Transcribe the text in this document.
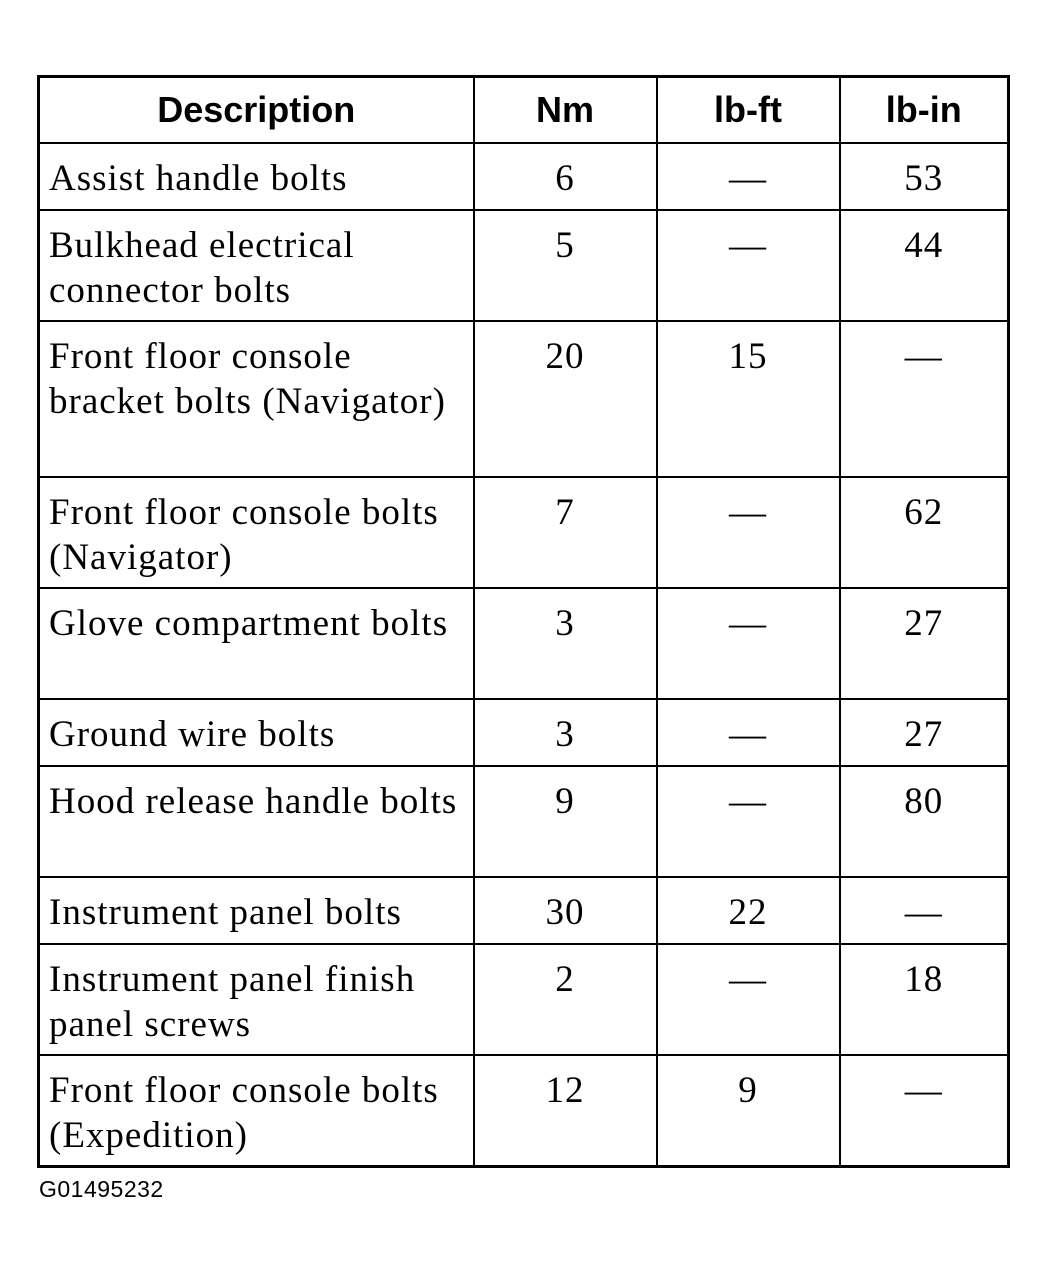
Description	Nm	lb-ft	lb-in
Assist handle bolts	6	—	53
Bulkhead electrical connector bolts	5	—	44
Front floor console bracket bolts (Navigator)	20	15	—
Front floor console bolts (Navigator)	7	—	62
Glove compartment bolts	3	—	27
Ground wire bolts	3	—	27
Hood release handle bolts	9	—	80
Instrument panel bolts	30	22	—
Instrument panel finish panel screws	2	—	18
Front floor console bolts (Expedition)	12	9	—
G01495232
